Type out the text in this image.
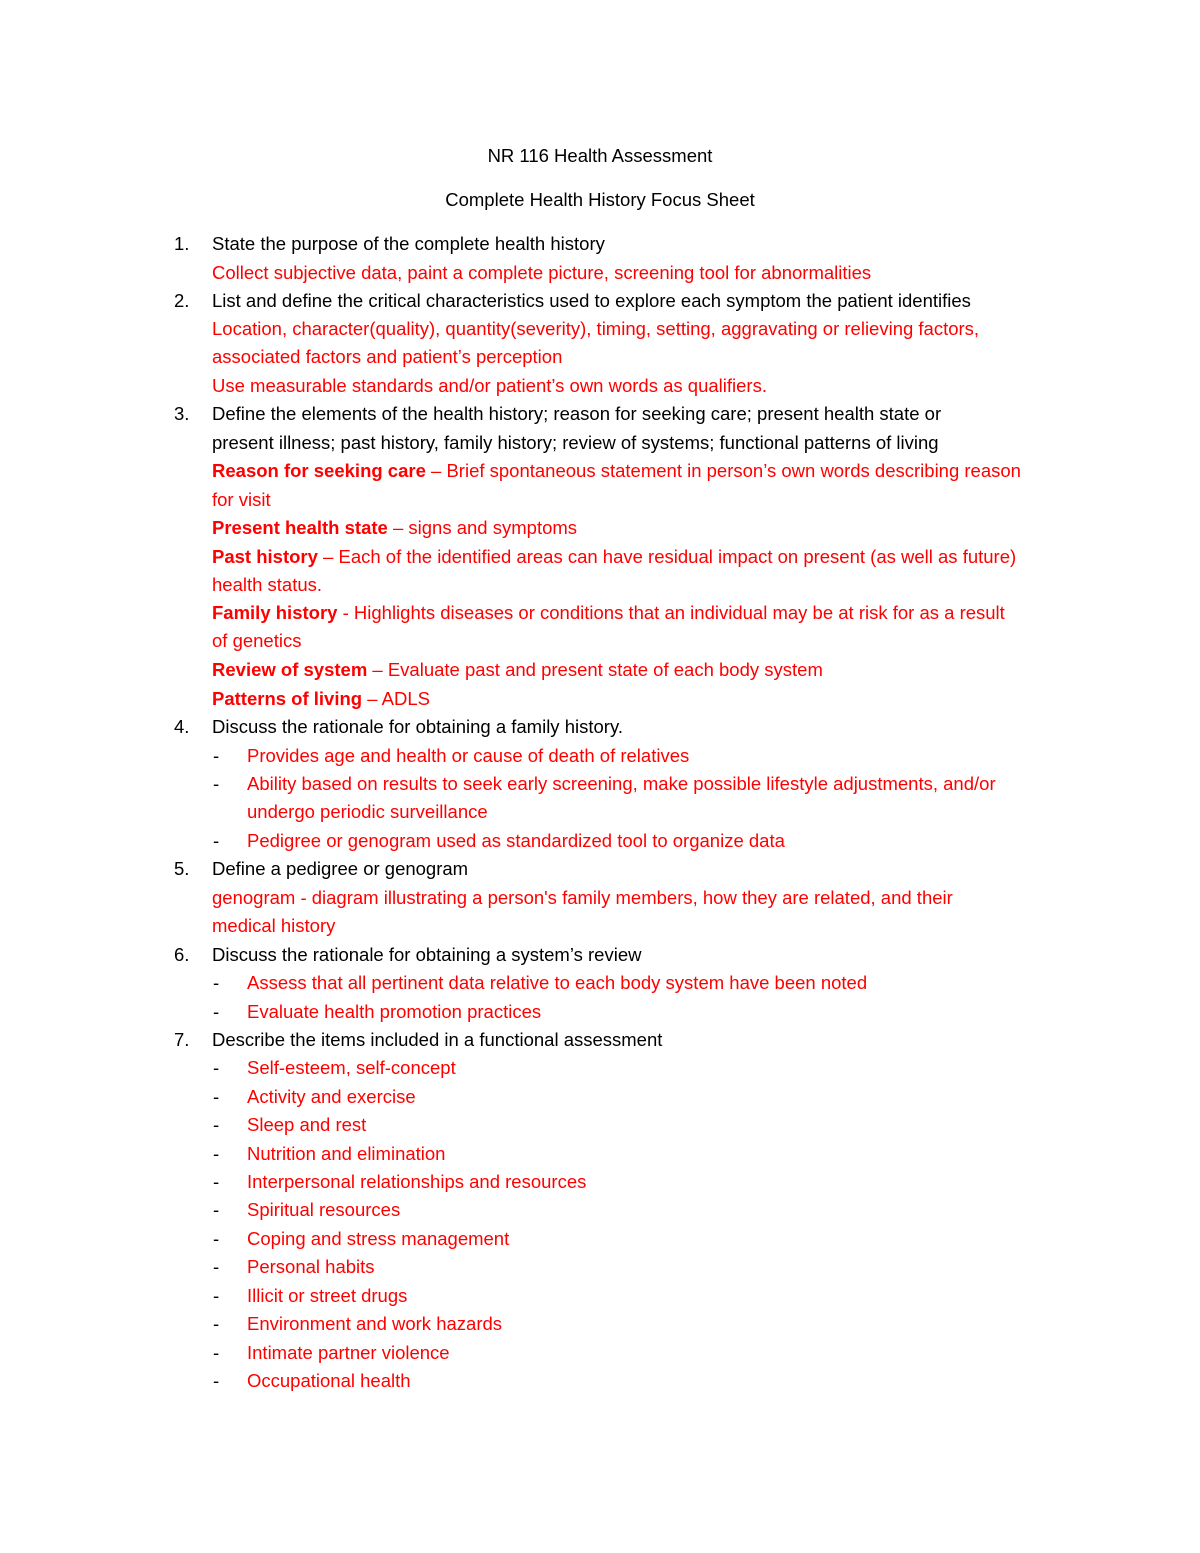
NR 116 Health Assessment
Complete Health History Focus Sheet
1.	State the purpose of the complete health history
Collect subjective data, paint a complete picture, screening tool for abnormalities
2.	List and define the critical characteristics used to explore each symptom the patient identifies
Location, character(quality), quantity(severity), timing, setting, aggravating or relieving factors,
associated factors and patient’s perception
Use measurable standards and/or patient’s own words as qualifiers.
3.	Define the elements of the health history; reason for seeking care; present health state or
present illness; past history, family history; review of systems; functional patterns of living
Reason for seeking care – Brief spontaneous statement in person’s own words describing reason
for visit
Present health state – signs and symptoms
Past history – Each of the identified areas can have residual impact on present (as well as future)
health status.
Family history - Highlights diseases or conditions that an individual may be at risk for as a result
of genetics
Review of system – Evaluate past and present state of each body system
Patterns of living – ADLS
4.	Discuss the rationale for obtaining a family history.
- Provides age and health or cause of death of relatives
- Ability based on results to seek early screening, make possible lifestyle adjustments, and/or
undergo periodic surveillance
- Pedigree or genogram used as standardized tool to organize data
5.	Define a pedigree or genogram
genogram - diagram illustrating a person's family members, how they are related, and their
medical history
6.	Discuss the rationale for obtaining a system’s review
- Assess that all pertinent data relative to each body system have been noted
- Evaluate health promotion practices
7.	Describe the items included in a functional assessment
- Self-esteem, self-concept
- Activity and exercise
- Sleep and rest
- Nutrition and elimination
- Interpersonal relationships and resources
- Spiritual resources
- Coping and stress management
- Personal habits
- Illicit or street drugs
- Environment and work hazards
- Intimate partner violence
- Occupational health
